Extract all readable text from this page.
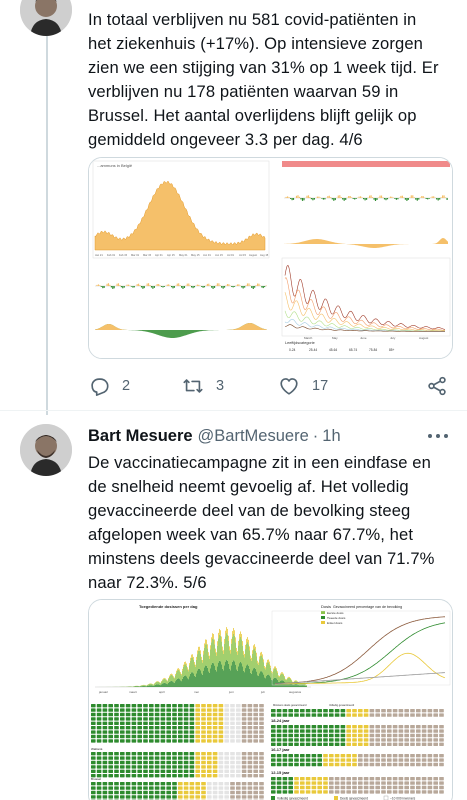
In totaal verblijven nu 581 covid-patiënten in
het ziekenhuis (+17%). Op intensieve zorgen
zien we een stijging van 31% op 1 week tijd. Er
verblijven nu 178 patiënten waarvan 59 in
Brussel. Het aantal overlijdens blijft gelijk op
gemiddeld ongeveer 3.3 per dag. 4/6
...ammuns in België
Leeftijdscategorie
0-24	25-44	45-64	65-74	75-84	85+
March	May	June	July	August
Jan 21 Feb 01 Feb 15 Mar 01 Mar 15 Apr 01 Apr 15 May 01 May 15 Jun 01 Jun 15 Jul 01 Jul 15 August Aug 15
2	3	17
Bart Mesuere @BartMesuere · 1h
De vaccinatiecampagne zit in een eindfase en
de snelheid neemt gevoelig af. Het volledig
gevaccineerde deel van de bevolking steeg
afgelopen week van 65.7% naar 67.7%, het
minstens deels gevaccineerde deel van 71.7%
naar 72.3%. 5/6
Toegediende dosissen per dag	Dosis
Eerste dosis
Tweede dosis
Enkel dosis
januari	maart	april	mei	juni	juli	augustus
Gevaccineerd percentage van de bevolking
Wallonië
Brussel
18-24 jaar
16-17 jaar
12-15 jaar
Volledig gevaccineerd	Deels gevaccineerd	~10 000 inwoners
Minstens deels gevaccineerd	Volledig gevaccineerd
